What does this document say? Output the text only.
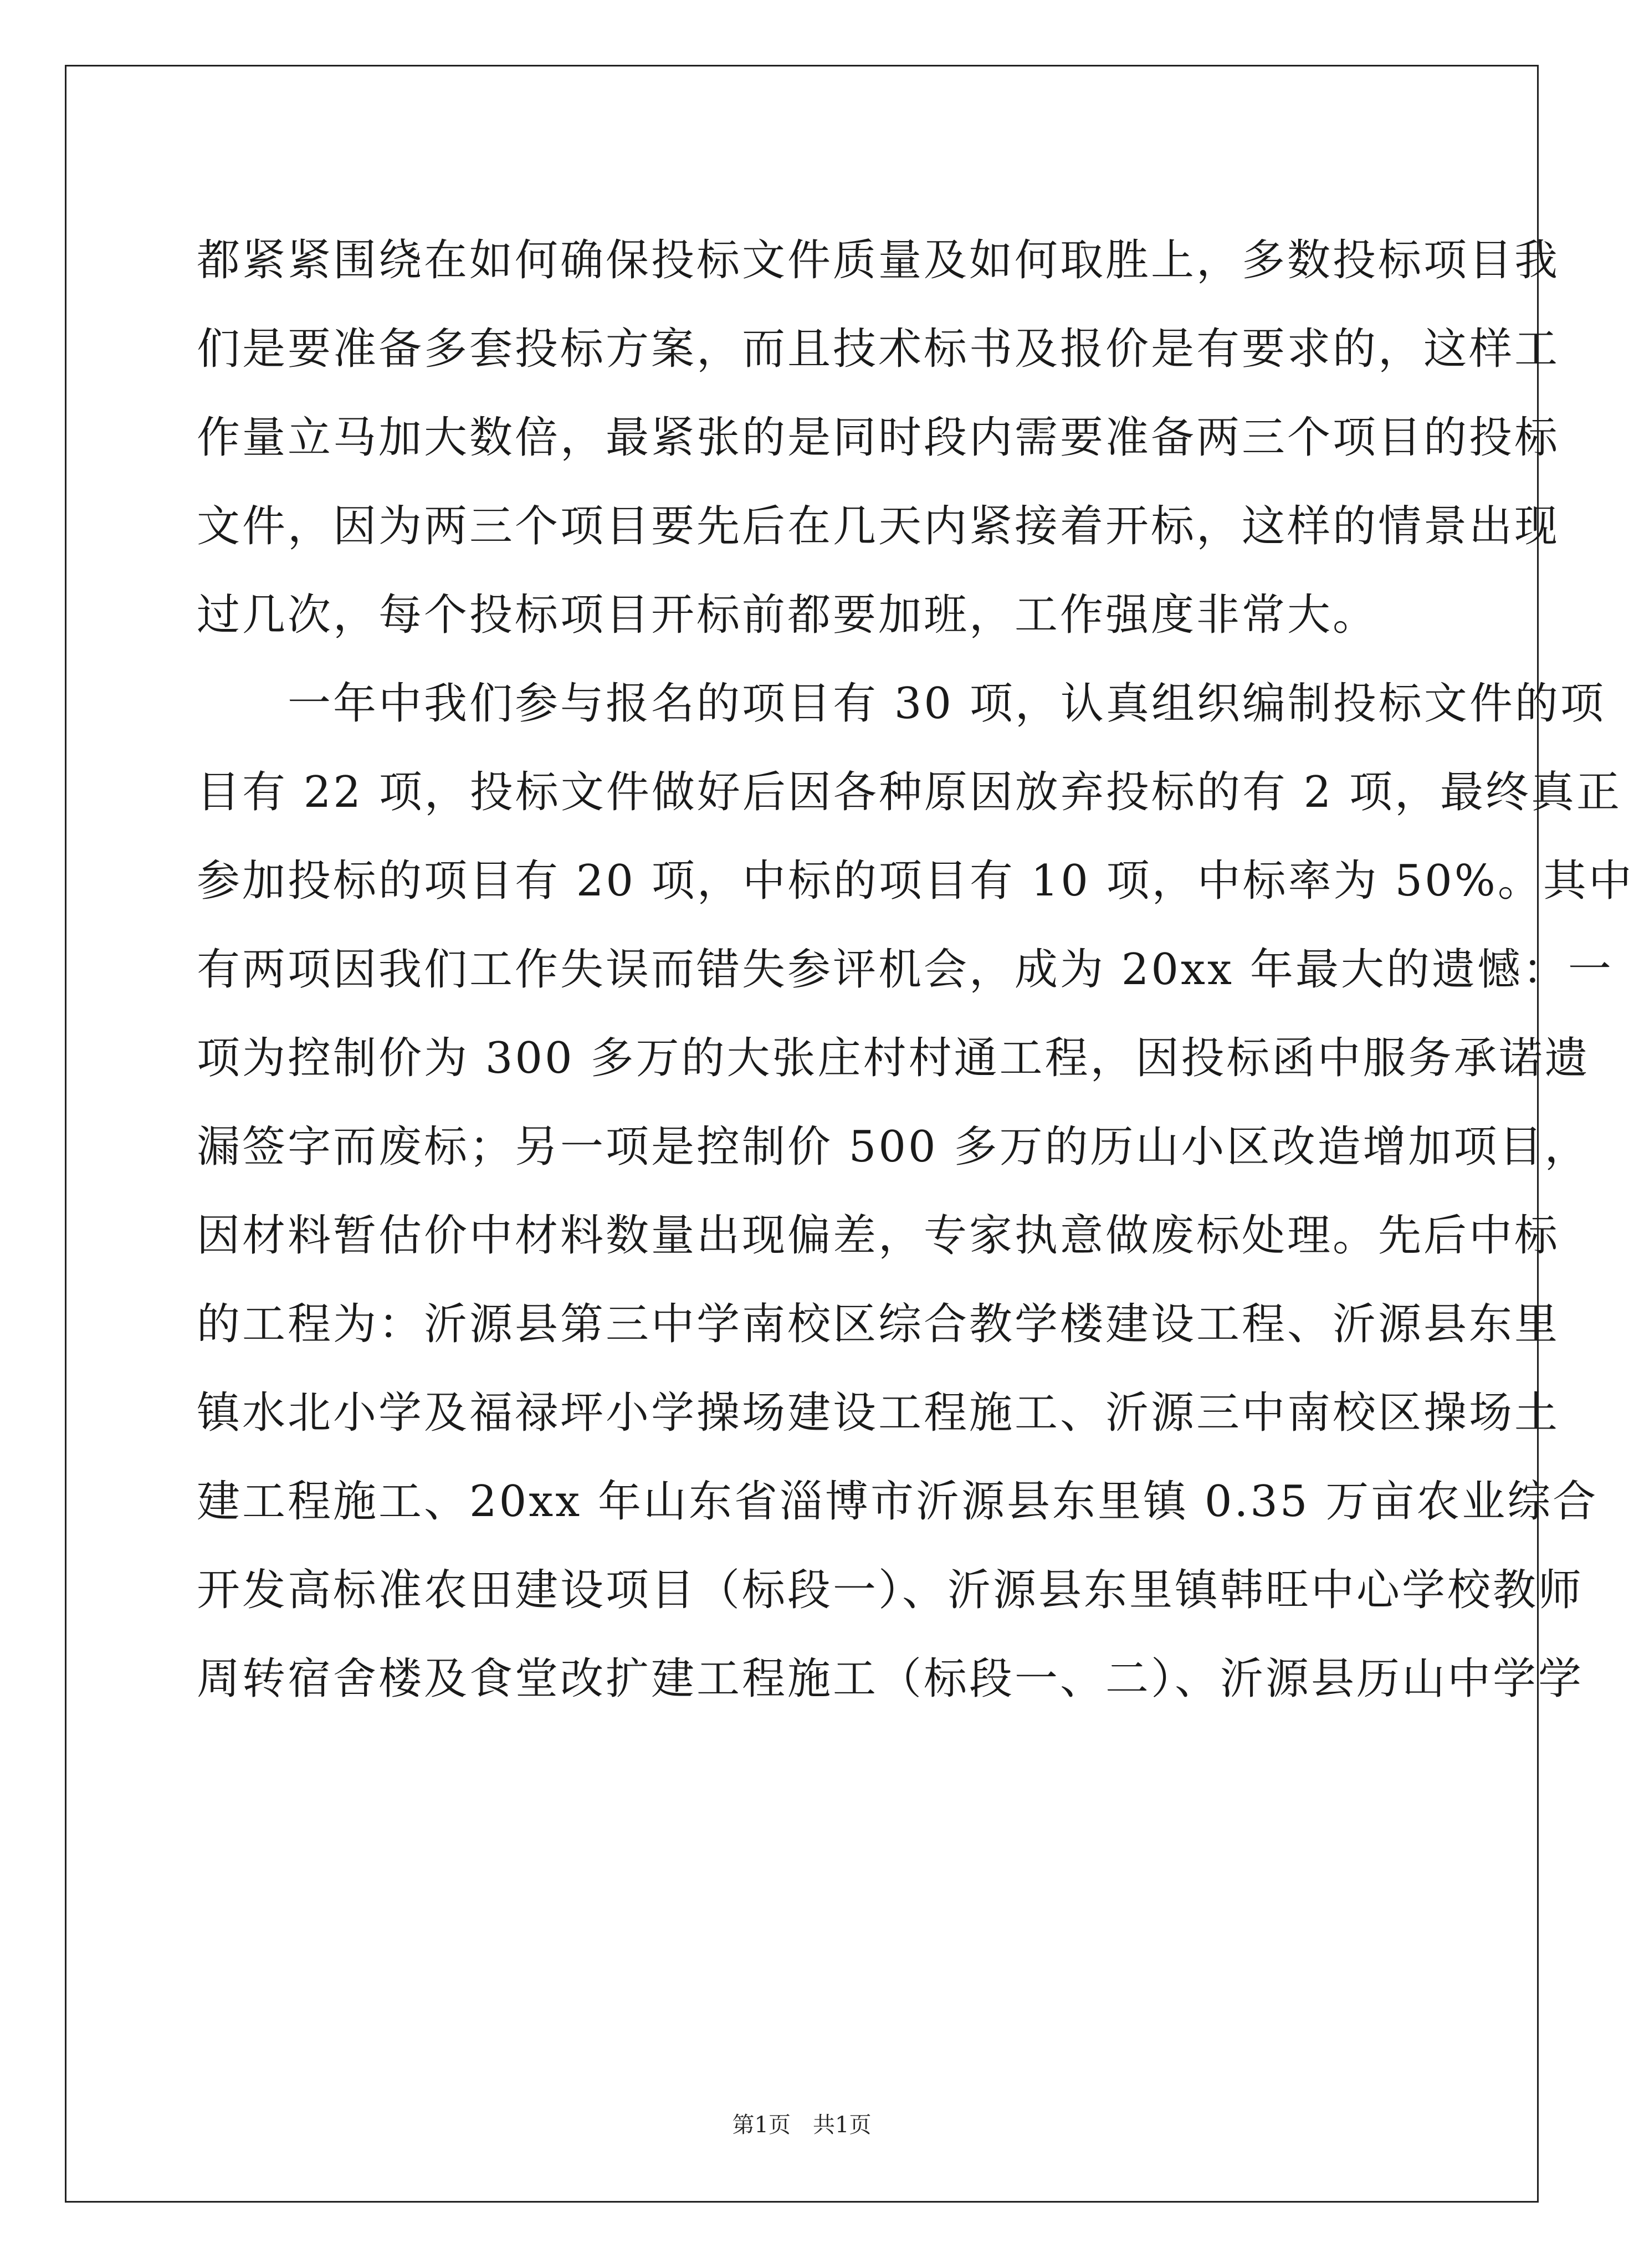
都紧紧围绕在如何确保投标文件质量及如何取胜上，多数投标项目我
们是要准备多套投标方案，而且技术标书及报价是有要求的，这样工
作量立马加大数倍，最紧张的是同时段内需要准备两三个项目的投标
文件，因为两三个项目要先后在几天内紧接着开标，这样的情景出现
过几次，每个投标项目开标前都要加班，工作强度非常大。
　　一年中我们参与报名的项目有 30 项，认真组织编制投标文件的项
目有 22 项，投标文件做好后因各种原因放弃投标的有 2 项，最终真正
参加投标的项目有 20 项，中标的项目有 10 项，中标率为 50%。其中
有两项因我们工作失误而错失参评机会，成为 20xx 年最大的遗憾：一
项为控制价为 300 多万的大张庄村村通工程，因投标函中服务承诺遗
漏签字而废标；另一项是控制价 500 多万的历山小区改造增加项目，
因材料暂估价中材料数量出现偏差，专家执意做废标处理。先后中标
的工程为：沂源县第三中学南校区综合教学楼建设工程、沂源县东里
镇水北小学及福禄坪小学操场建设工程施工、沂源三中南校区操场土
建工程施工、20xx 年山东省淄博市沂源县东里镇 0.35 万亩农业综合
开发高标准农田建设项目（标段一）、沂源县东里镇韩旺中心学校教师
周转宿舍楼及食堂改扩建工程施工（标段一、二）、沂源县历山中学学
第1页　共1页
